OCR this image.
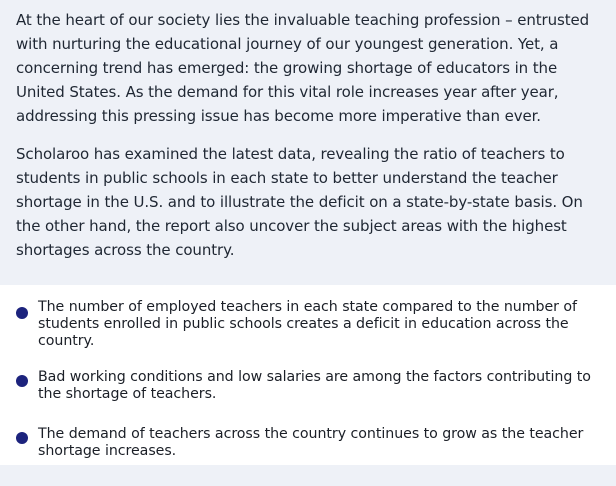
At the heart of our society lies the invaluable teaching profession – entrusted with nurturing the educational journey of our youngest generation. Yet, a concerning trend has emerged: the growing shortage of educators in the United States. As the demand for this vital role increases year after year, addressing this pressing issue has become more imperative than ever.

Scholaroo has examined the latest data, revealing the ratio of teachers to students in public schools in each state to better understand the teacher shortage in the U.S. and to illustrate the deficit on a state-by-state basis. On the other hand, the report also uncover the subject areas with the highest shortages across the country.

The number of employed teachers in each state compared to the number of students enrolled in public schools creates a deficit in education across the country.
Bad working conditions and low salaries are among the factors contributing to the shortage of teachers.
The demand of teachers across the country continues to grow as the teacher shortage increases.
